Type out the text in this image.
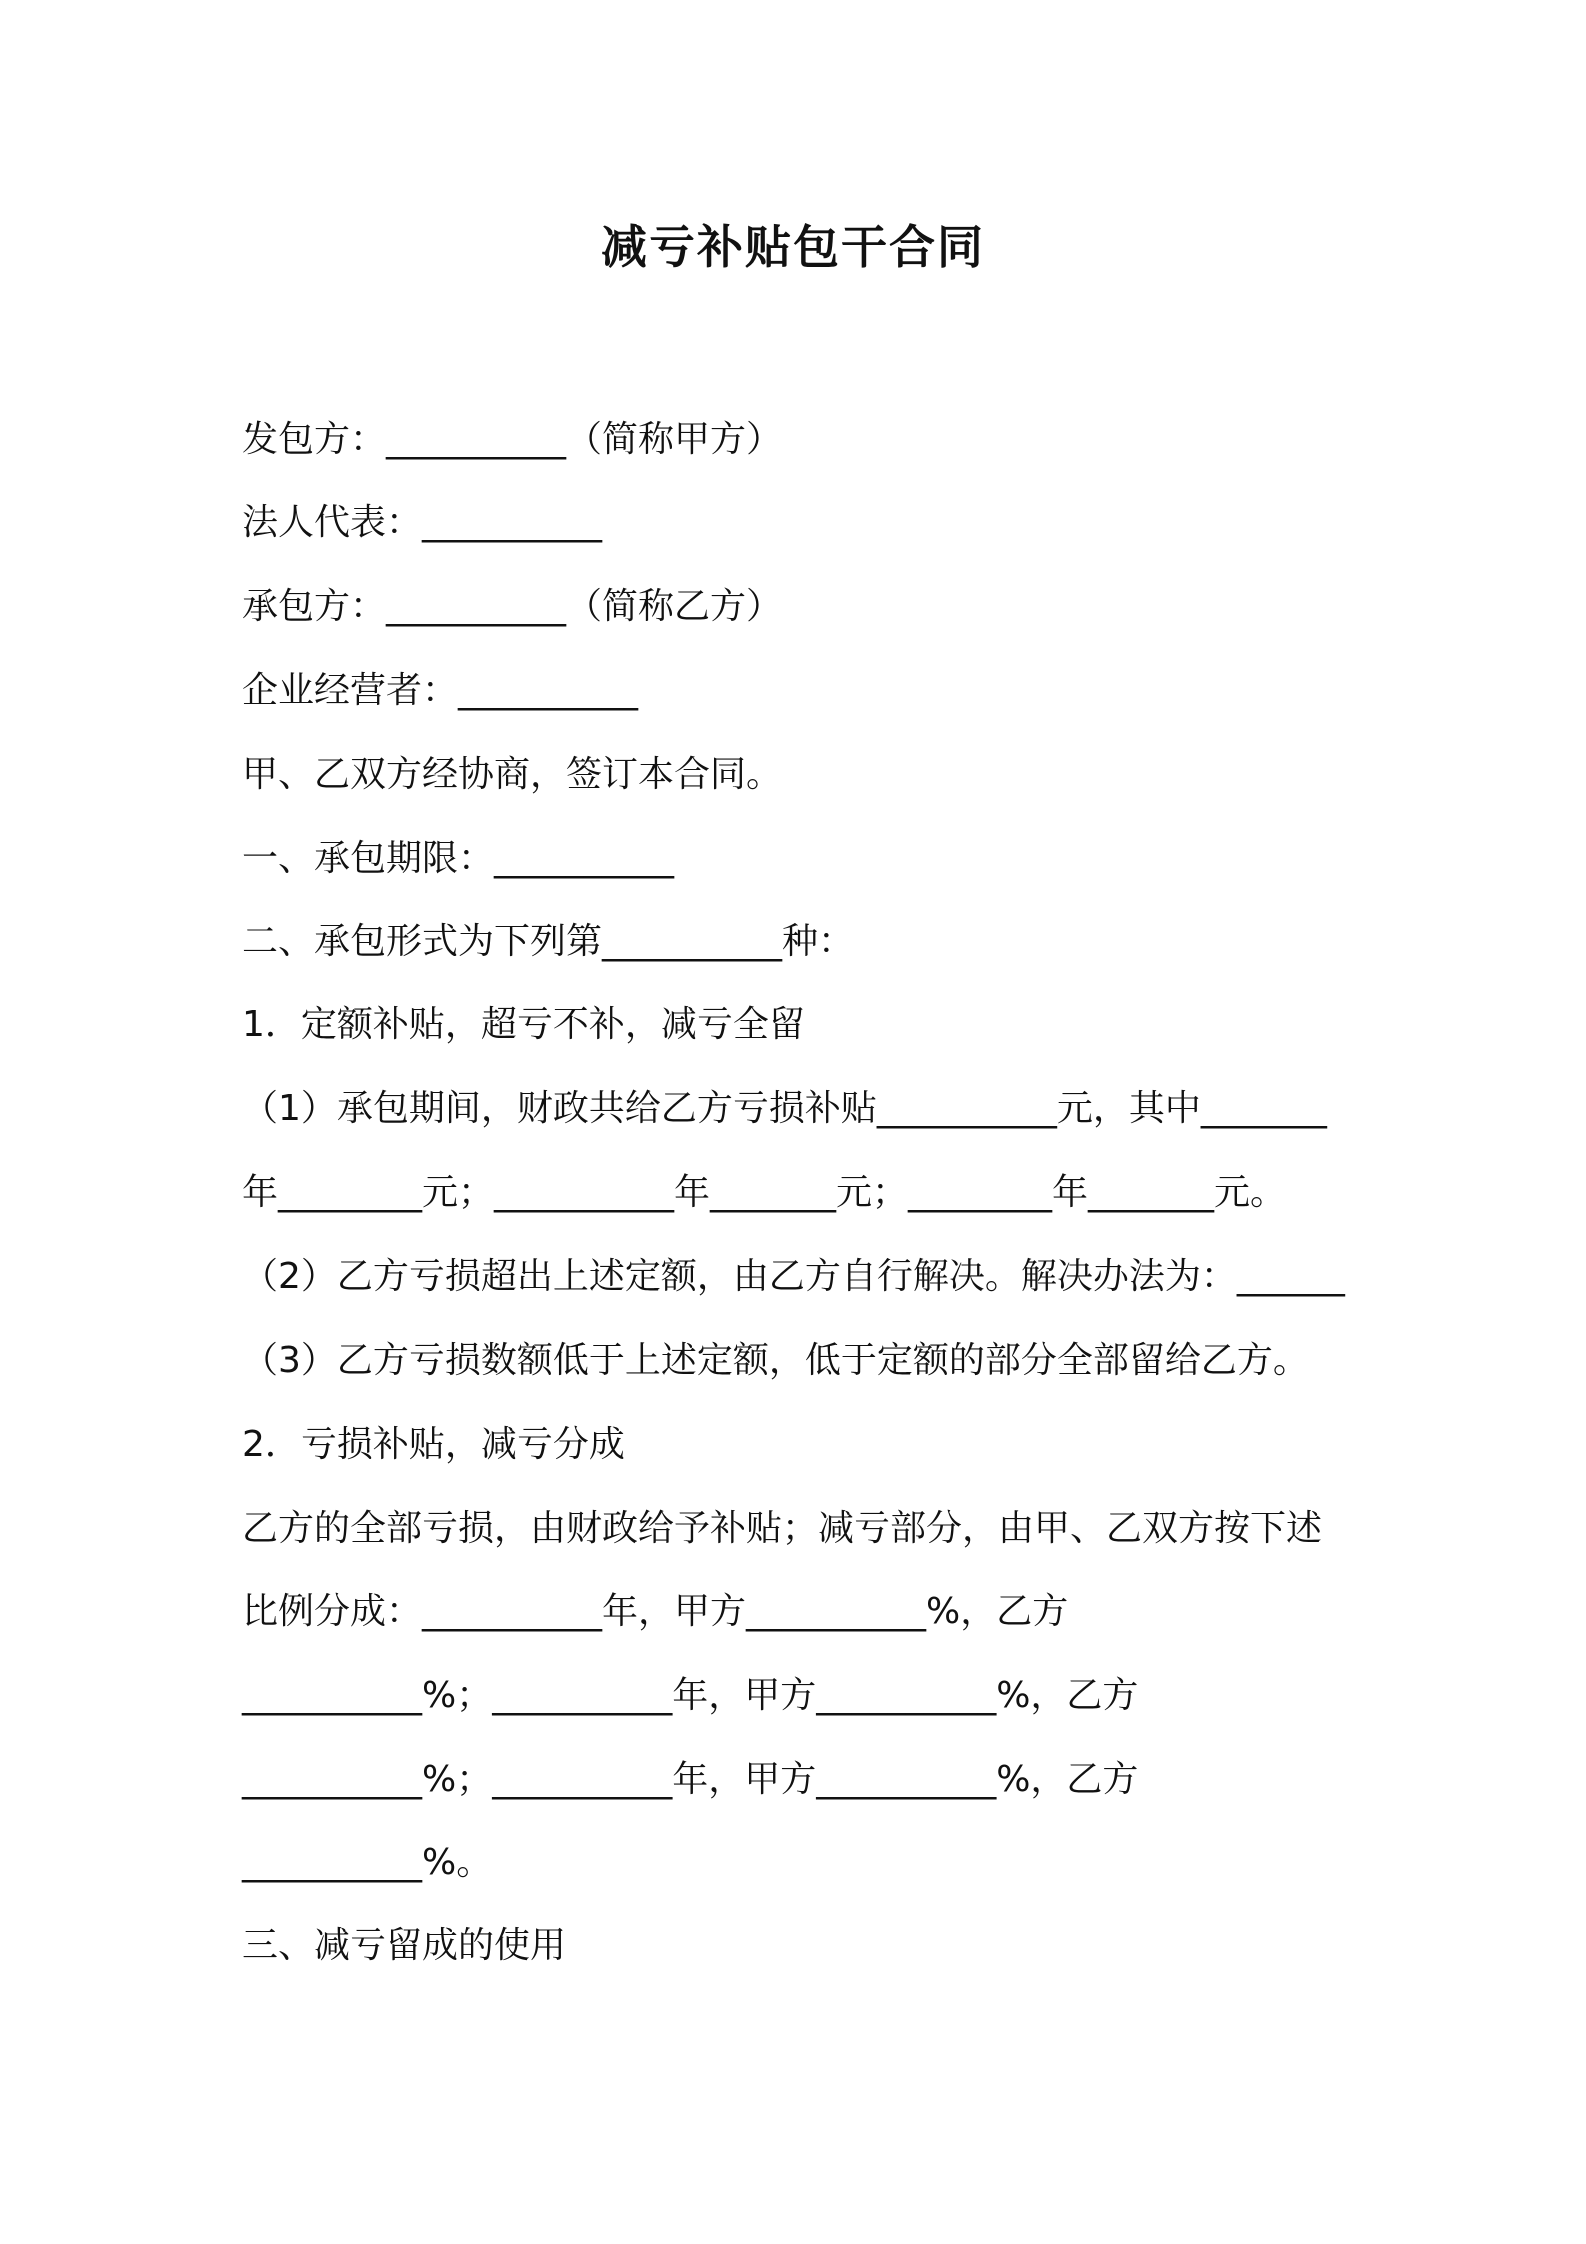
减亏补贴包干合同

发包方：__________（简称甲方）

法人代表：__________

承包方：__________（简称乙方）

企业经营者：__________

甲、乙双方经协商，签订本合同。

一、承包期限：__________

二、承包形式为下列第__________种：

1．定额补贴，超亏不补，减亏全留

（1）承包期间，财政共给乙方亏损补贴__________元，其中_______

年________元；__________年_______元；________年_______元。

（2）乙方亏损超出上述定额，由乙方自行解决。解决办法为：______

（3）乙方亏损数额低于上述定额，低于定额的部分全部留给乙方。

2．亏损补贴，减亏分成

乙方的全部亏损，由财政给予补贴；减亏部分，由甲、乙双方按下述

比例分成：__________年，甲方__________%，乙方

__________%；__________年，甲方__________%，乙方

__________%；__________年，甲方__________%，乙方

__________%。

三、减亏留成的使用
